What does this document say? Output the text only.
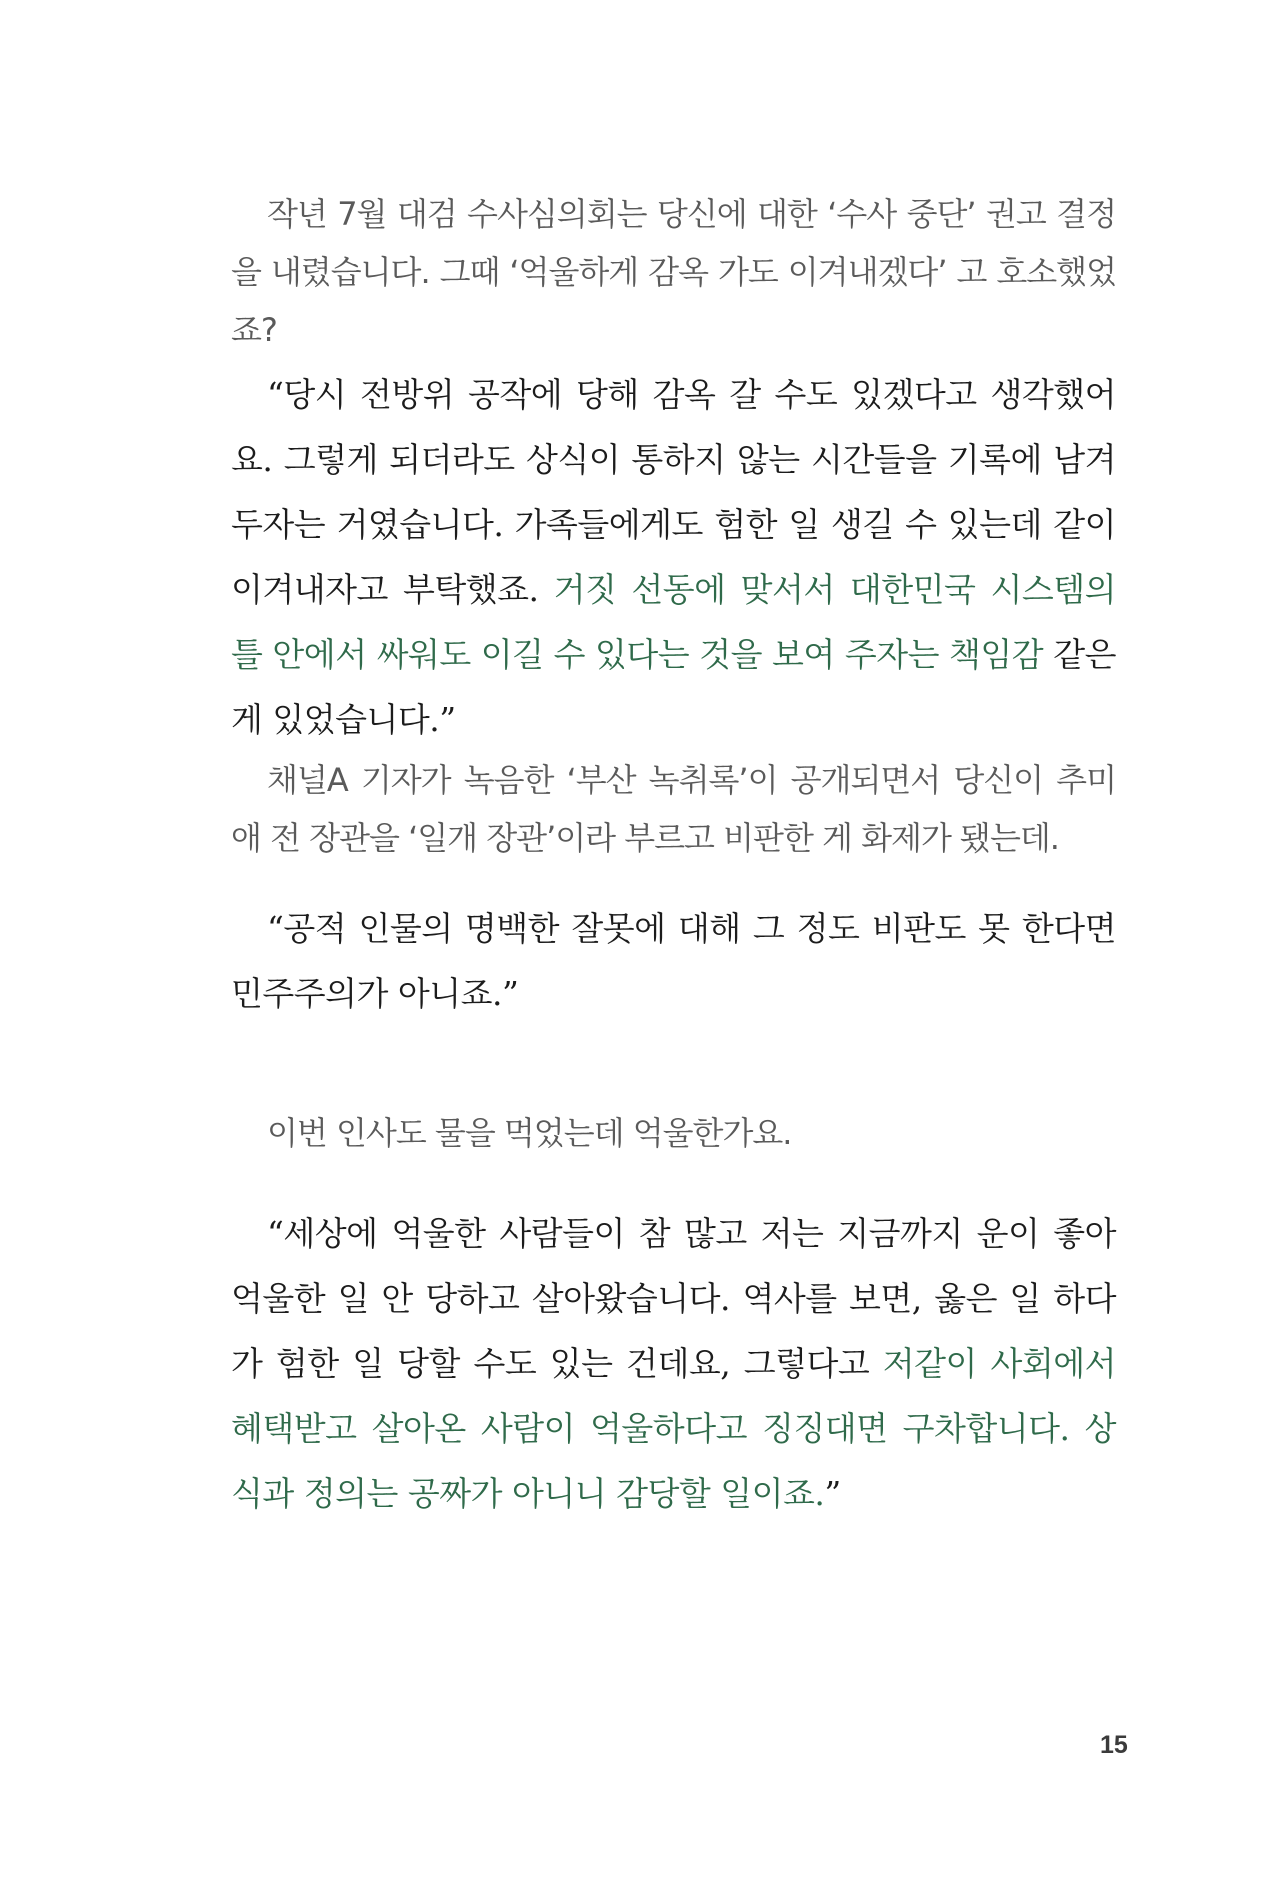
작년 7월 대검 수사심의회는 당신에 대한 ‘수사 중단’ 권고 결정을 내렸습니다. 그때 ‘억울하게 감옥 가도 이겨내겠다’ 고 호소했었죠?

“당시 전방위 공작에 당해 감옥 갈 수도 있겠다고 생각했어요. 그렇게 되더라도 상식이 통하지 않는 시간들을 기록에 남겨두자는 거였습니다. 가족들에게도 험한 일 생길 수 있는데 같이 이겨내자고 부탁했죠. 거짓 선동에 맞서서 대한민국 시스템의 틀 안에서 싸워도 이길 수 있다는 것을 보여 주자는 책임감 같은 게 있었습니다.”

채널A 기자가 녹음한 ‘부산 녹취록’이 공개되면서 당신이 추미애 전 장관을 ‘일개 장관’이라 부르고 비판한 게 화제가 됐는데.

“공적 인물의 명백한 잘못에 대해 그 정도 비판도 못 한다면 민주주의가 아니죠.”

이번 인사도 물을 먹었는데 억울한가요.

“세상에 억울한 사람들이 참 많고 저는 지금까지 운이 좋아 억울한 일 안 당하고 살아왔습니다. 역사를 보면, 옳은 일 하다가 험한 일 당할 수도 있는 건데요, 그렇다고 저같이 사회에서 혜택받고 살아온 사람이 억울하다고 징징대면 구차합니다. 상식과 정의는 공짜가 아니니 감당할 일이죠.”

15
